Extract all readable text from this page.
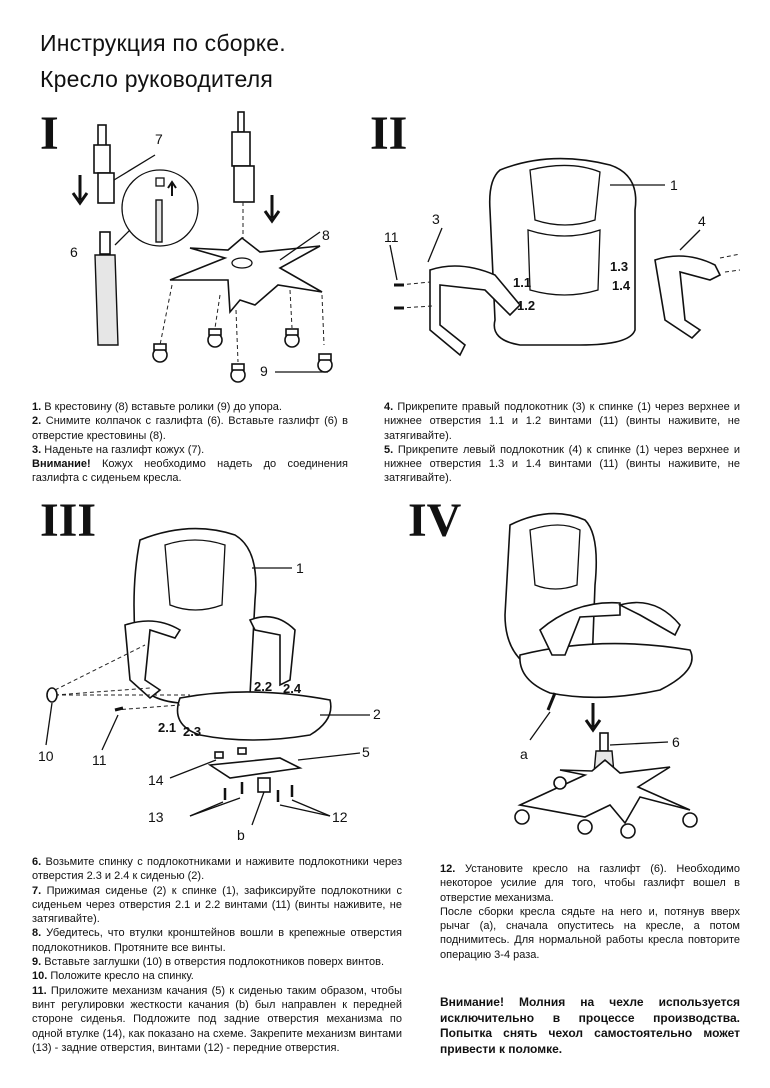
Инструкция по сборке.
Кресло руководителя
I	II
III	IV
7
6
8
9
1
3	4
11
1.1
1.2
1.3
1.4

1. В крестовину (8) вставьте ролики (9) до упора.

2. Снимите колпачок с газлифта (6). Вставьте газлифт (6) в отверстие крестовины (8).

3. Наденьте на газлифт кожух (7).

Внимание! Кожух необходимо надеть до соединения газлифта с сиденьем кресла.

4. Прикрепите правый подлокотник (3) к спинке (1) через верхнее и нижнее отверстия 1.1 и 1.2 винтами (11) (винты наживите, не затягивайте).

5. Прикрепите левый подлокотник (4) к спинке (1) через верхнее и нижнее отверстия 1.3 и 1.4 винтами (11) (винты наживите, не затягивайте).

1
2
10	11
2.2 2.4
2.1 2.3
5
b
14
13	12
a
6

6. Возьмите спинку с подлокотниками и наживите подлокотники через отверстия 2.3 и 2.4 к сиденью (2).

7. Прижимая сиденье (2) к спинке (1), зафиксируйте подлокотники с сиденьем через отверстия 2.1 и 2.2 винтами (11) (винты наживите, не затягивайте).

8. Убедитесь, что втулки кронштейнов вошли в крепежные отверстия подлокотников. Протяните все винты.

9. Вставьте заглушки (10) в отверстия подлокотников поверх винтов.

10. Положите кресло на спинку.

11. Приложите механизм качания (5) к сиденью таким образом, чтобы винт регулировки жесткости качания (b) был направлен к передней стороне сиденья. Подложите под задние отверстия механизма по одной втулке (14), как показано на схеме. Закрепите механизм винтами (13) - задние отверстия, винтами (12) - передние отверстия.

12. Установите кресло на газлифт (6). Необходимо некоторое усилие для того, чтобы газлифт вошел в отверстие механизма.

После сборки кресла сядьте на него и, потянув вверх рычаг (а), сначала опуститесь на кресле, а потом поднимитесь. Для нормальной работы кресла повторите операцию 3-4 раза.

Внимание! Молния на чехле используется исключительно в процессе производства. Попытка снять чехол самостоятельно может привести к поломке.
